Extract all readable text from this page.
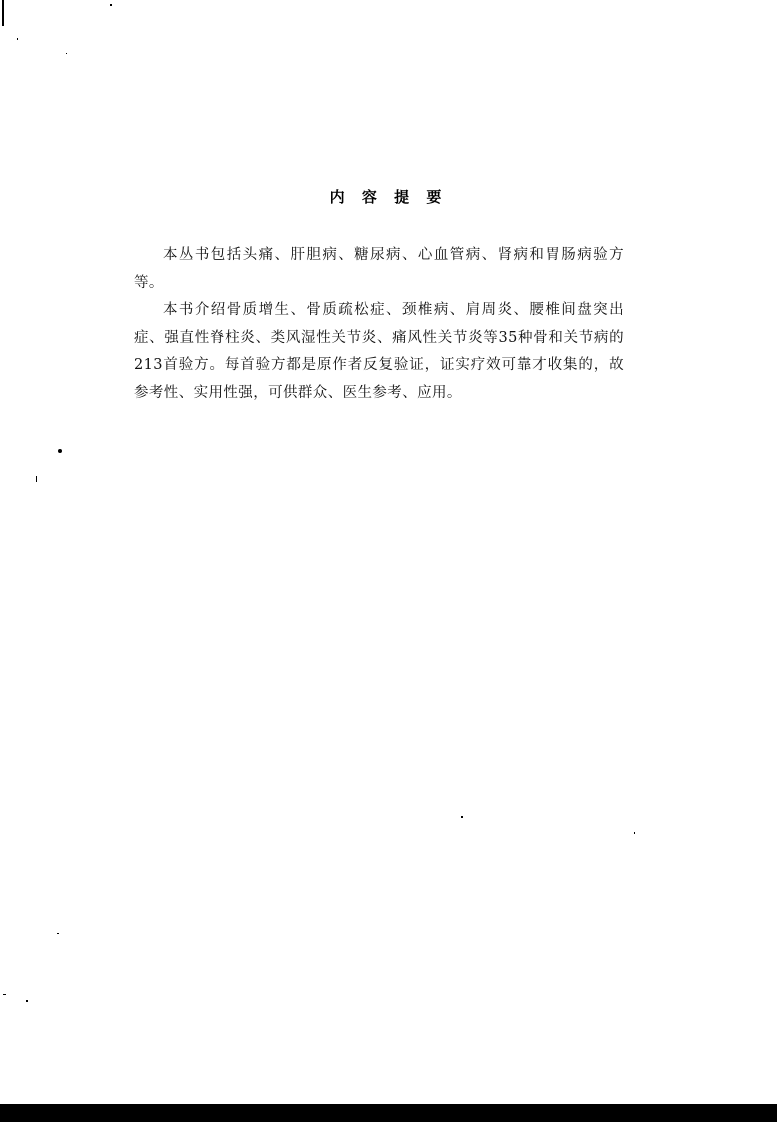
内 容 提 要

本丛书包括头痛、肝胆病、糖尿病、心血管病、肾病和胃肠病验方等。

本书介绍骨质增生、骨质疏松症、颈椎病、肩周炎、腰椎间盘突出症、强直性脊柱炎、类风湿性关节炎、痛风性关节炎等35种骨和关节病的213首验方。每首验方都是原作者反复验证，证实疗效可靠才收集的，故参考性、实用性强，可供群众、医生参考、应用。
